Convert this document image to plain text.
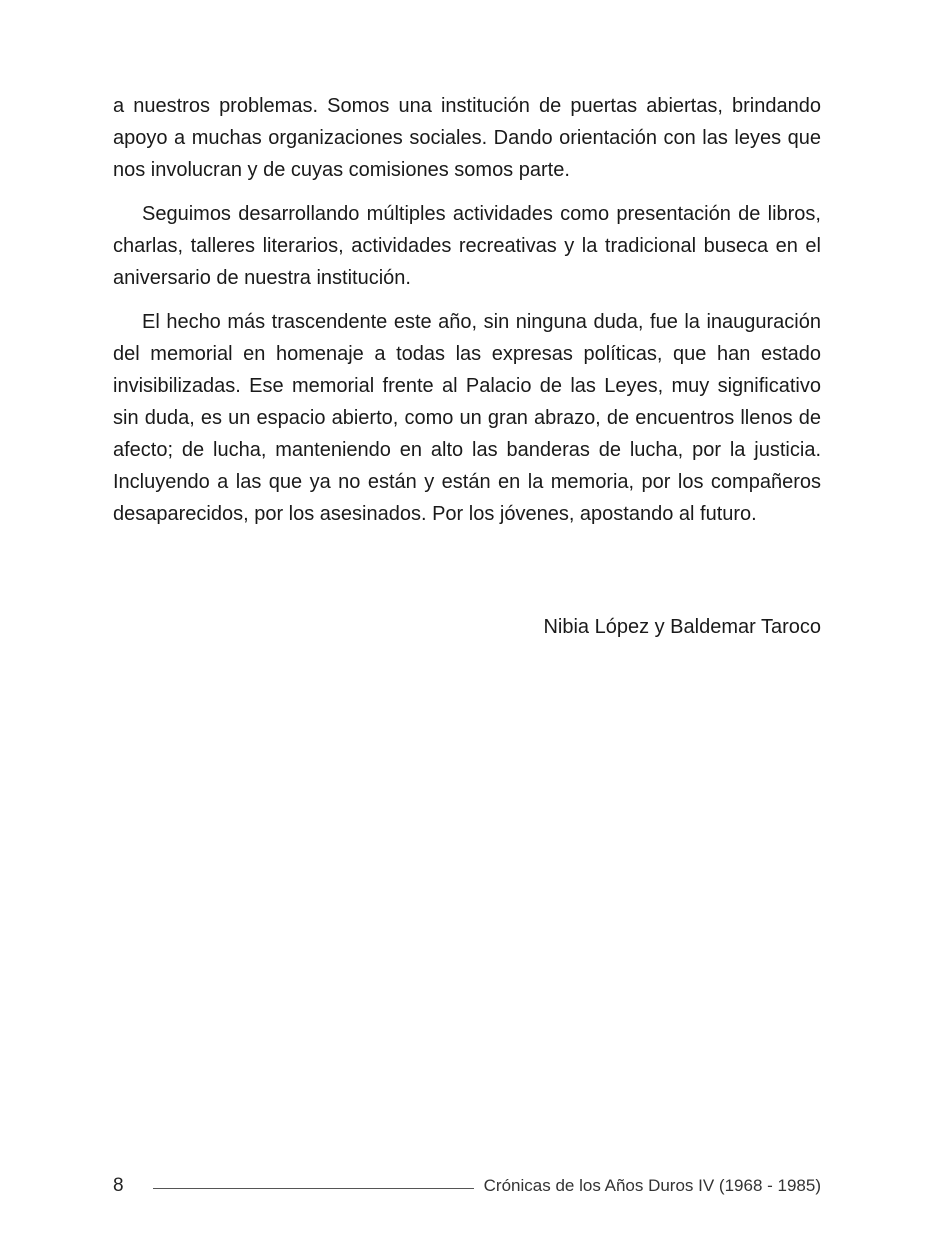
a nuestros problemas. Somos una institución de puertas abiertas, brindando apoyo a muchas organizaciones sociales. Dando orientación con las leyes que nos involucran y de cuyas comisiones somos parte.

Seguimos desarrollando múltiples actividades como presentación de libros, charlas, talleres literarios, actividades recreativas y la tradicional buseca en el aniversario de nuestra institución.

El hecho más trascendente este año, sin ninguna duda, fue la inauguración del memorial en homenaje a todas las expresas políticas, que han estado invisibilizadas. Ese memorial frente al Palacio de las Leyes, muy significativo sin duda, es un espacio abierto, como un gran abrazo, de encuentros llenos de afecto; de lucha, manteniendo en alto las banderas de lucha, por la justicia. Incluyendo a las que ya no están y están en la memoria, por los compañeros desaparecidos, por los asesinados. Por los jóvenes, apostando al futuro.

Nibia López y Baldemar Taroco
8	Crónicas de los Años Duros IV (1968 - 1985)
